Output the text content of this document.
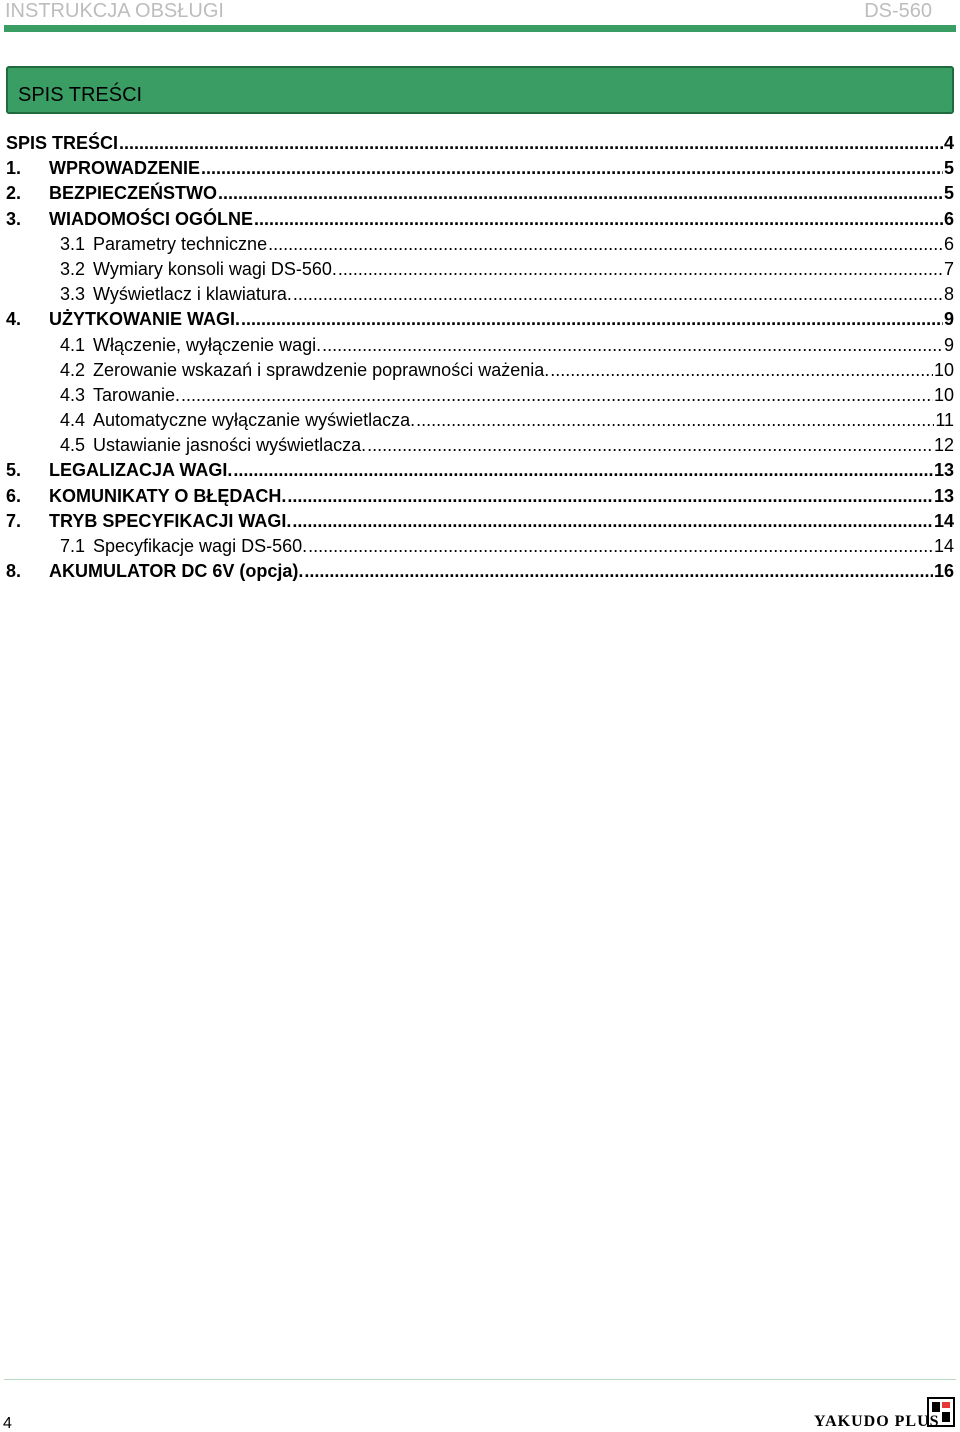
INSTRUKCJA OBSŁUGI	DS-560
SPIS TREŚCI
SPIS TREŚCI .....	4
1.	WPROWADZENIE .....	5
2.	BEZPIECZEŃSTWO .....	5
3.	WIADOMOŚCI OGÓLNE .....	6
3.1 Parametry techniczne .....	6
3.2 Wymiary konsoli wagi DS-560. .....	7
3.3 Wyświetlacz i klawiatura. .....	8
4.	UŻYTKOWANIE WAGI. .....	9
4.1 Włączenie, wyłączenie wagi. .....	9
4.2 Zerowanie wskazań i sprawdzenie poprawności ważenia. .....	10
4.3 Tarowanie. .....	10
4.4 Automatyczne wyłączanie wyświetlacza. .....	11
4.5 Ustawianie jasności wyświetlacza. .....	12
5.	LEGALIZACJA WAGI. .....	13
6.	KOMUNIKATY O BŁĘDACH. .....	13
7.	TRYB SPECYFIKACJI WAGI. .....	14
7.1 Specyfikacje wagi DS-560. .....	14
8.	AKUMULATOR DC 6V (opcja). .....	16
4	YAKUDO PLUS
